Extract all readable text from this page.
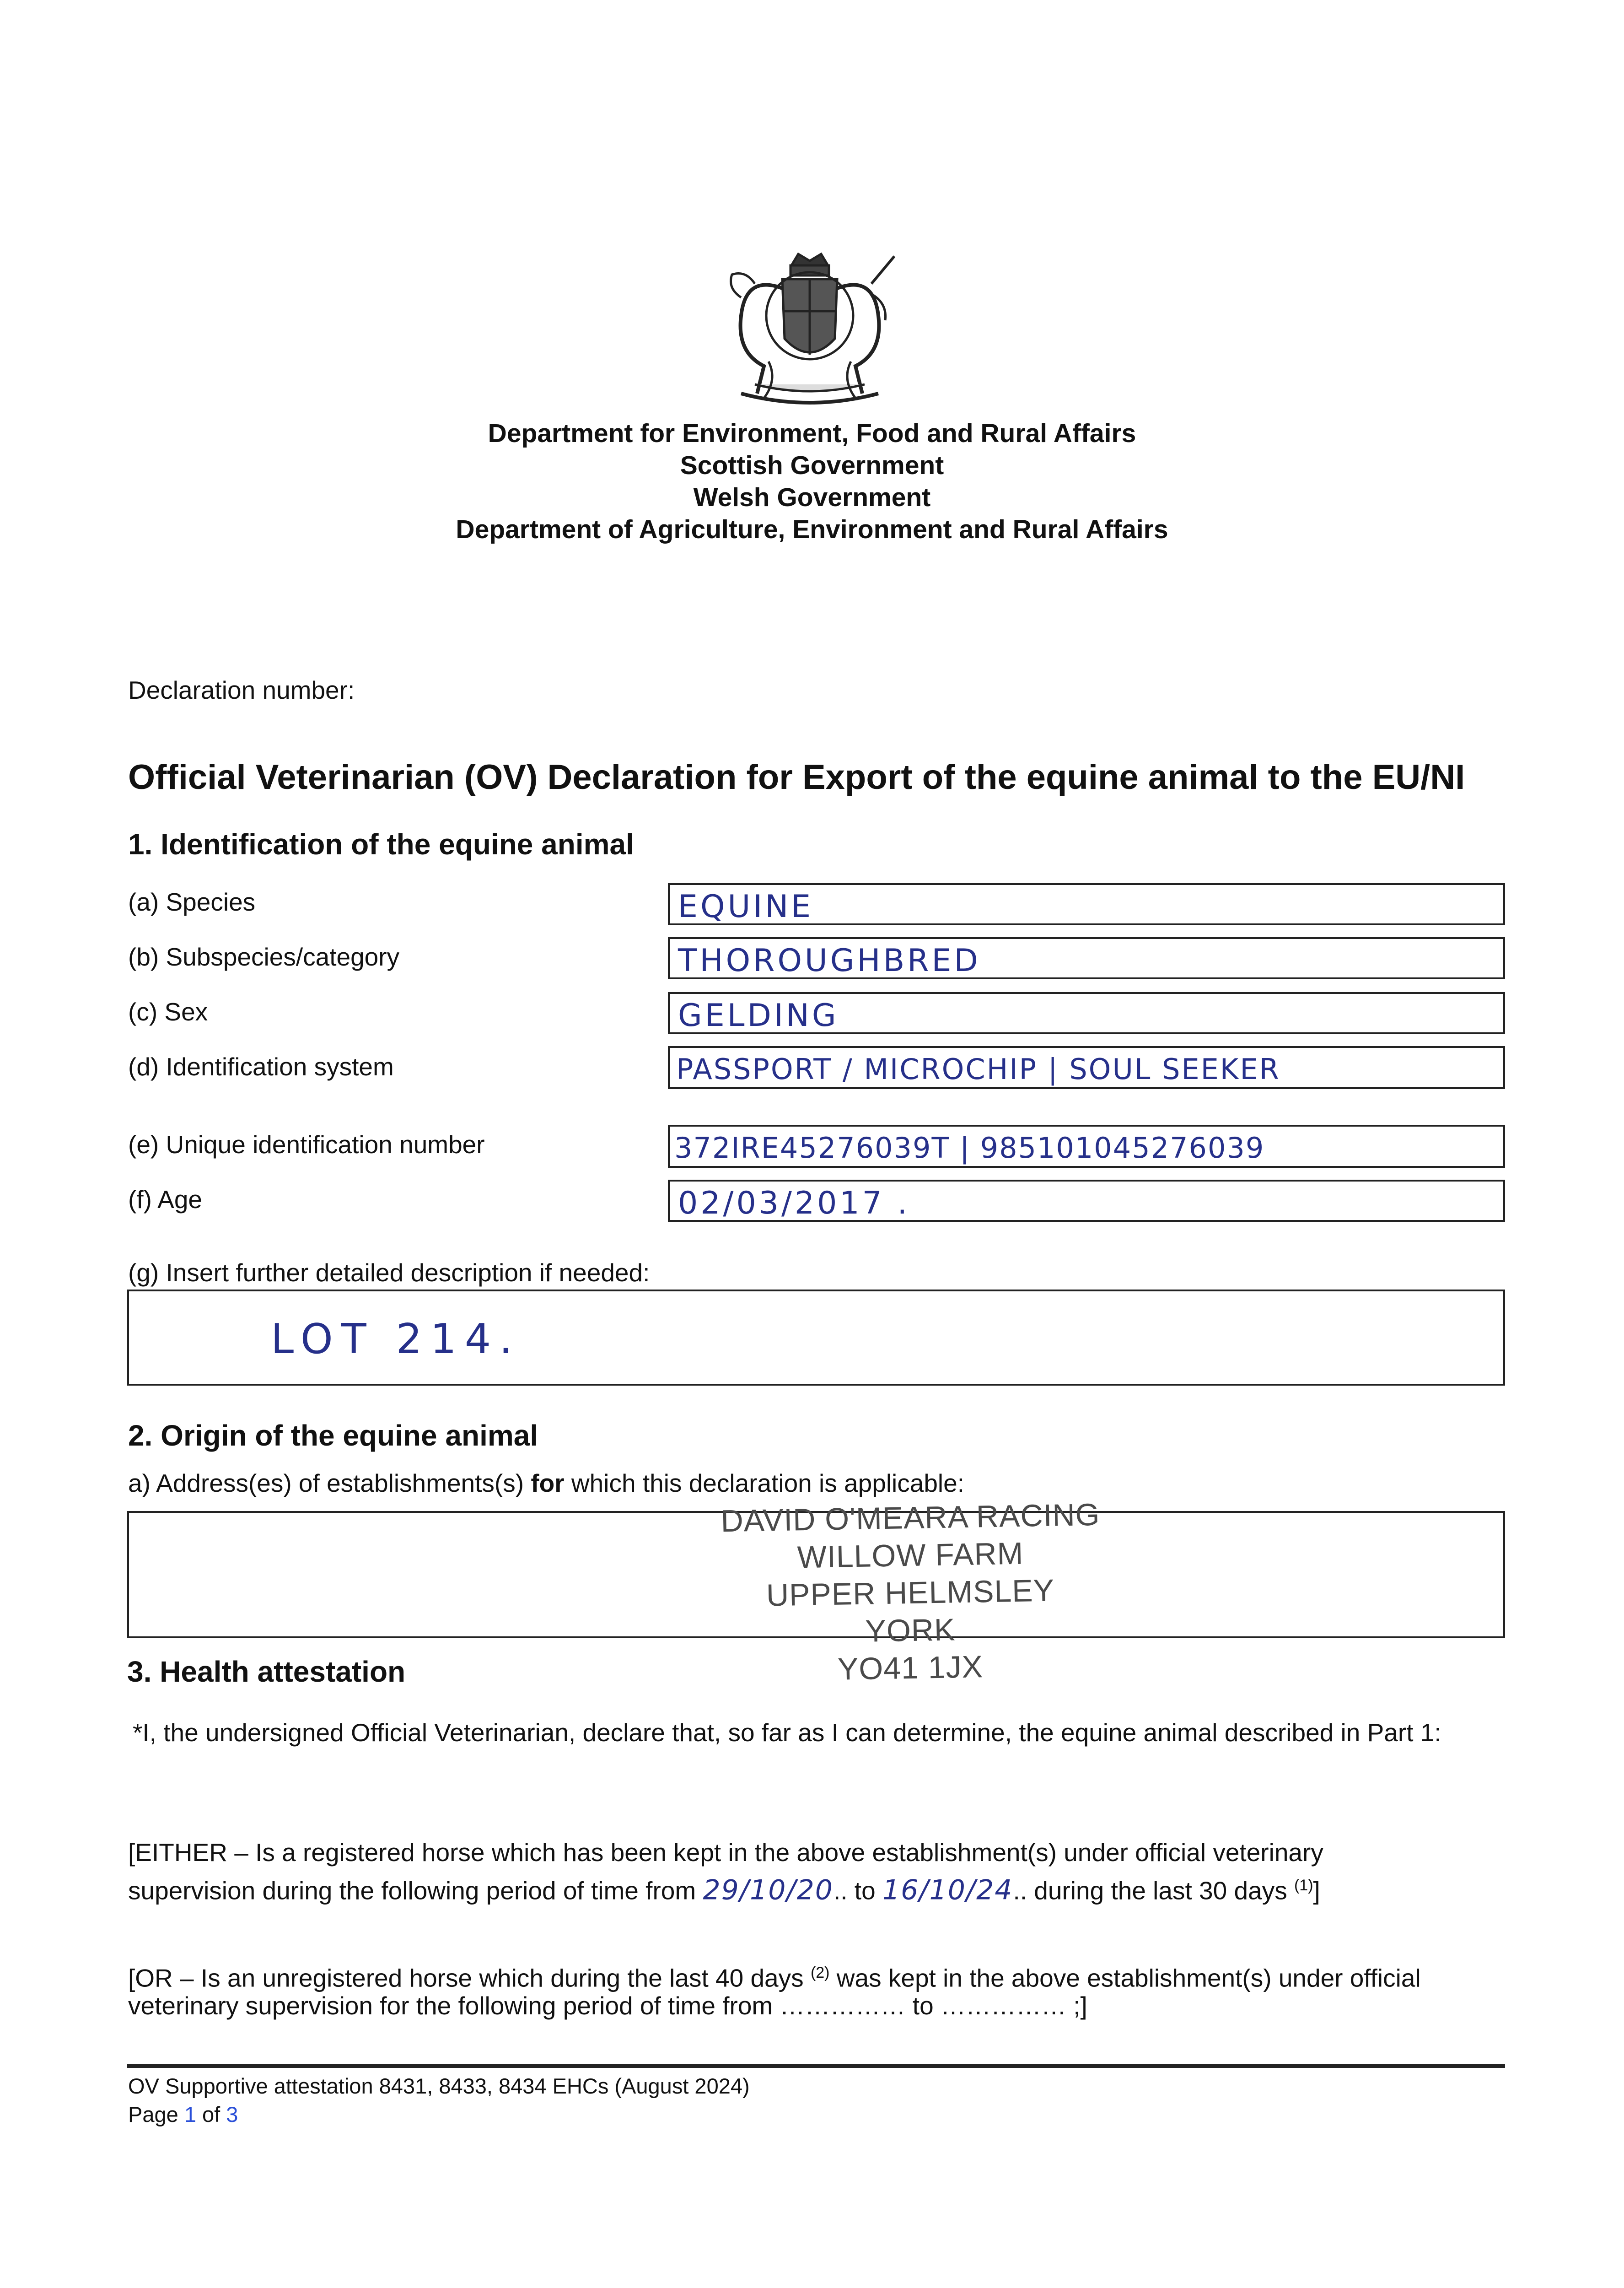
Department for Environment, Food and Rural Affairs
Scottish Government
Welsh Government
Department of Agriculture, Environment and Rural Affairs
Declaration number:
Official Veterinarian (OV) Declaration for Export of the equine animal to the EU/NI
1. Identification of the equine animal
(a) Species	EQUINE
(b) Subspecies/category	THOROUGHBRED
(c) Sex	GELDING
(d) Identification system	PASSPORT / MICROCHIP | SOUL SEEKER
(e) Unique identification number	372IRE45276039T | 985101045276039
(f) Age	02/03/2017 .
(g) Insert further detailed description if needed:
LOT 214.
2. Origin of the equine animal
a) Address(es) of establishments(s) for which this declaration is applicable:
DAVID O'MEARA RACING
WILLOW FARM
UPPER HELMSLEY
YORK
YO41 1JX
3. Health attestation
*I, the undersigned Official Veterinarian, declare that, so far as I can determine, the equine animal described in Part 1:
[EITHER – Is a registered horse which has been kept in the above establishment(s) under official veterinary
supervision during the following period of time from 29/10/20.. to 16/10/24.. during the last 30 days $^{(1)}$]
[OR – Is an unregistered horse which during the last 40 days $^{(2)}$ was kept in the above establishment(s) under official
veterinary supervision for the following period of time from …………… to …………… ;]
OV Supportive attestation 8431, 8433, 8434 EHCs (August 2024)
Page 1 of 3
